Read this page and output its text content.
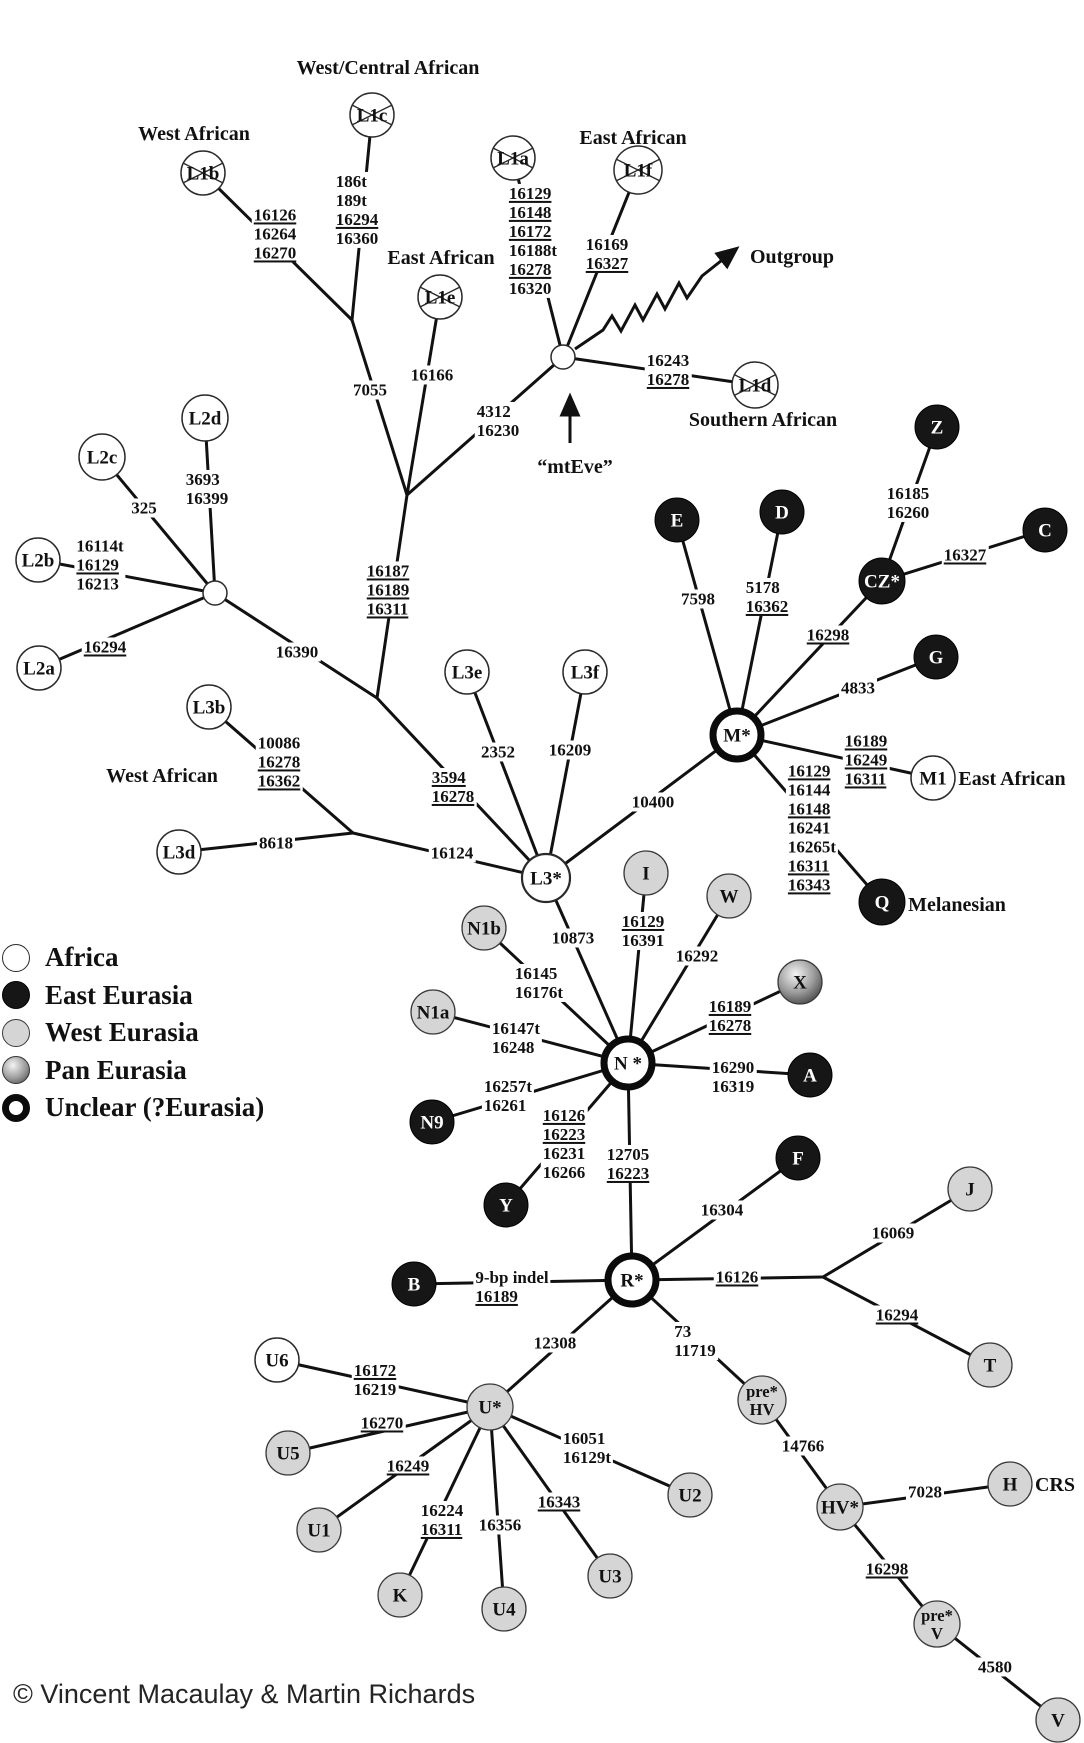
L1b
L1c
L1a
L1f
L1e
L1d
L2d
L2c
L2b
L2a
L3b
L3e	L3f
L3d
L3*
M*
E	D
Z
CZ*
C
G
M1
Q
I
W
N1b
N1a
N9
Y
X
A
N *
B
F
R*
J
T
U6
U5
U1
K
U4
U3
U2
U*
pre*
HV
HV*
H
pre*
V
V
16126
16264
16270
186t
189t
16294
16360
16129
16148
16172
16188t
16278
16320
16169
16327
16243
16278
7055
16166
4312
16230
16187
16189
16311
3693
16399
325
16114t
16129
16213
16294	16390
10086
16278
16362
8618
16124
3594
16278
2352 16209
10400
7598
5178
16362
16298
16185
16260
16327
4833
16189
16249
16311
16129
16144
16148
16241
16265t
16311
16343
10873
16145
16176t
16129
16391
16292
16189
16278
16290
16319
16147t
16248
16257t
16261
16126
16223
16231
16266
12705
16223
9-bp indel
16189
16304
16126
16069
16294
73
11719
12308
16172
16219
16270
16249
16224
16311 16356
16343
16051
16129t
14766
7028
16298
4580
West African
West/Central African
East African
East African
Southern African
Outgroup
“mtEve”
West African	East African
Melanesian
CRS
Africa
East Eurasia
West Eurasia
Pan Eurasia
Unclear (?Eurasia)
© Vincent Macaulay & Martin Richards
